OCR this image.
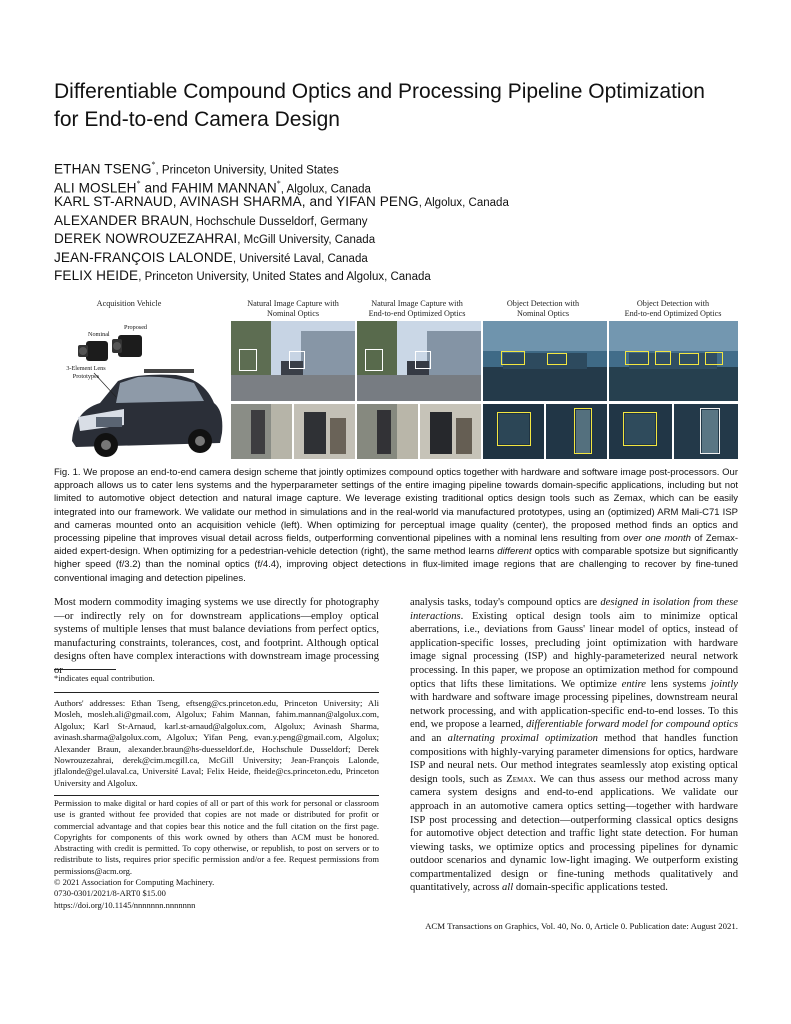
Differentiable Compound Optics and Processing Pipeline Optimization
for End-to-end Camera Design
ETHAN TSENG*, Princeton University, United States
ALI MOSLEH* and FAHIM MANNAN*, Algolux, Canada
KARL ST-ARNAUD, AVINASH SHARMA, and YIFAN PENG, Algolux, Canada
ALEXANDER BRAUN, Hochschule Dusseldorf, Germany
DEREK NOWROUZEZAHRAI, McGill University, Canada
JEAN-FRANÇOIS LALONDE, Université Laval, Canada
FELIX HEIDE, Princeton University, United States and Algolux, Canada
Acquisition Vehicle	Natural Image Capture with
Nominal Optics
Natural Image Capture with
End-to-end Optimized Optics
Object Detection with
Nominal Optics
Object Detection with
End-to-end Optimized Optics
Nominal
Proposed
3-Element Lens
Prototypes
Fig. 1. We propose an end-to-end camera design scheme that jointly optimizes compound optics together with hardware and software image post-processors. Our approach allows us to cater lens systems and the hyperparameter settings of the entire imaging pipeline towards domain-specific applications, including but not limited to automotive object detection and natural image capture. We leverage existing traditional optics design tools such as Zemax, which can be easily integrated into our framework. We validate our method in simulations and in the real-world via manufactured prototypes, using an (optimized) ARM Mali-C71 ISP and cameras mounted onto an acquisition vehicle (left). When optimizing for perceptual image quality (center), the proposed method finds an optics and processing pipeline that improves visual detail across fields, outperforming conventional pipelines with a nominal lens resulting from over one month of Zemax-aided expert-design. When optimizing for a pedestrian-vehicle detection (right), the same method learns different optics with comparable spotsize but significantly higher speed (f/3.2) than the nominal optics (f/4.4), improving object detections in flux-limited image regions that are challenging to recover by fine-tuned conventional imaging and detection pipelines.
Most modern commodity imaging systems we use directly for photography—or indirectly rely on for downstream applications—employ optical systems of multiple lenses that must balance deviations from perfect optics, manufacturing constraints, tolerances, cost, and footprint. Although optical designs often have complex interactions with downstream image processing or
*indicates equal contribution.
Authors' addresses: Ethan Tseng, eftseng@cs.princeton.edu, Princeton University; Ali Mosleh, mosleh.ali@gmail.com, Algolux; Fahim Mannan, fahim.mannan@algolux.com, Algolux; Karl St-Arnaud, karl.st-arnaud@algolux.com, Algolux; Avinash Sharma, avinash.sharma@algolux.com, Algolux; Yifan Peng, evan.y.peng@gmail.com, Algolux; Alexander Braun, alexander.braun@hs-duesseldorf.de, Hochschule Dusseldorf; Derek Nowrouzezahrai, derek@cim.mcgill.ca, McGill University; Jean-François Lalonde, jflalonde@gel.ulaval.ca, Université Laval; Felix Heide, fheide@cs.princeton.edu, Princeton University and Algolux.
Permission to make digital or hard copies of all or part of this work for personal or classroom use is granted without fee provided that copies are not made or distributed for profit or commercial advantage and that copies bear this notice and the full citation on the first page. Copyrights for components of this work owned by others than ACM must be honored. Abstracting with credit is permitted. To copy otherwise, or republish, to post on servers or to redistribute to lists, requires prior specific permission and/or a fee. Request permissions from permissions@acm.org.
© 2021 Association for Computing Machinery.
0730-0301/2021/8-ART0 $15.00
https://doi.org/10.1145/nnnnnnn.nnnnnnn
analysis tasks, today's compound optics are designed in isolation from these interactions. Existing optical design tools aim to minimize optical aberrations, i.e., deviations from Gauss' linear model of optics, instead of application-specific losses, precluding joint optimization with hardware image signal processing (ISP) and highly-parameterized neural network processing. In this paper, we propose an optimization method for compound optics that lifts these limitations. We optimize entire lens systems jointly with hardware and software image processing pipelines, downstream neural network processing, and with application-specific end-to-end losses. To this end, we propose a learned, differentiable forward model for compound optics and an alternating proximal optimization method that handles function compositions with highly-varying parameter dimensions for optics, hardware ISP and neural nets. Our method integrates seamlessly atop existing optical design tools, such as Zemax. We can thus assess our method across many camera system designs and end-to-end applications. We validate our approach in an automotive camera optics setting—together with hardware ISP post processing and detection—outperforming classical optics designs for automotive object detection and traffic light state detection. For human viewing tasks, we optimize optics and processing pipelines for dynamic outdoor scenarios and dynamic low-light imaging. We outperform existing compartmentalized design or fine-tuning methods qualitatively and quantitatively, across all domain-specific applications tested.
ACM Transactions on Graphics, Vol. 40, No. 0, Article 0. Publication date: August 2021.
